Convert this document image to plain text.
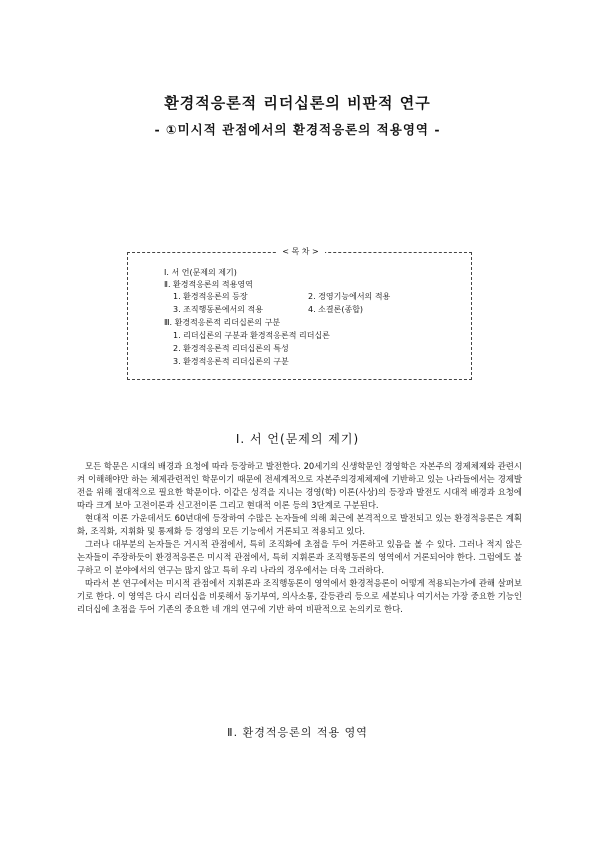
환경적응론적 리더십론의 비판적 연구
- ①미시적 관점에서의 환경적응론의 적용영역 -
< 목 차 >
Ⅰ. 서 언(문제의 제기)
Ⅱ. 환경적응론의 적용영역
1. 환경적응론의 등장	2. 경영기능에서의 적용
3. 조직행동론에서의 적용	4. 소결론(종합)
Ⅲ. 환경적응론적 리더십론의 구분
1. 리더십론의 구분과 환경적응론적 리더십론
2. 환경적응론적 리더십론의 특성
3. 환경적응론적 리더십론의 구분
Ⅰ. 서 언(문제의 제기)

모든 학문은 시대의 배경과 요청에 따라 등장하고 발전한다. 20세기의 신생학문인 경영학은 자본주의 경제체제와 관련시켜 이해해야만 하는 체제관련적인 학문이기 때문에 전세계적으로 자본주의경제체제에 기반하고 있는 나라들에서는 경제발전을 위해 절대적으로 필요한 학문이다. 이같은 성격을 지니는 경영(학) 이론(사상)의 등장과 발전도 시대적 배경과 요청에 따라 크게 보아 고전이론과 신고전이론 그리고 현대적 이론 등의 3단계로 구분된다.

현대적 이론 가운데서도 60년대에 등장하여 수많은 논자들에 의해 최근에 본격적으로 발전되고 있는 환경적응론은 계획화, 조직화, 지휘화 및 통제화 등 경영의 모든 기능에서 거론되고 적용되고 있다.

그러나 대부분의 논자들은 거시적 관점에서, 특히 조직화에 초점을 두어 거론하고 있음을 볼 수 있다. 그러나 적지 않은 논자들이 주장하듯이 환경적응론은 미시적 관점에서, 특히 지휘론과 조직행동론의 영역에서 거론되어야 한다. 그럼에도 불구하고 이 분야에서의 연구는 많지 않고 특히 우리 나라의 경우에서는 더욱 그러하다.

따라서 본 연구에서는 미시적 관점에서 지휘론과 조직행동론이 영역에서 환경적응론이 어떻게 적용되는가에 관해 살펴보기로 한다. 이 영역은 다시 리더십을 비롯해서 동기부여, 의사소통, 갈등관리 등으로 세분되나 여기서는 가장 중요한 기능인 리더십에 초점을 두어 기존의 중요한 네 개의 연구에 기반 하여 비판적으로 논의키로 한다.

Ⅱ. 환경적응론의 적용 영역
